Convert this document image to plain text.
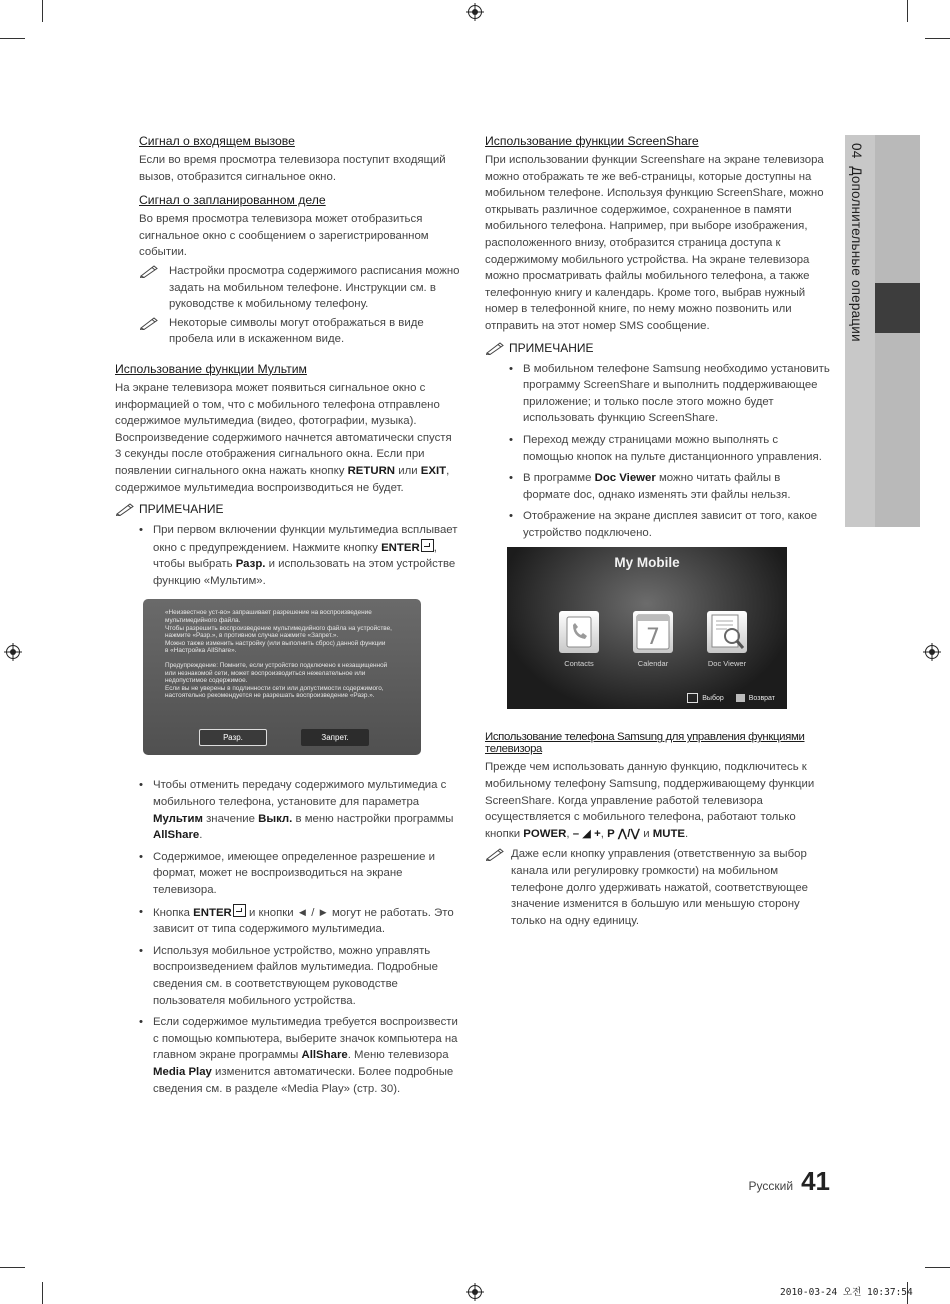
Сигнал о входящем вызове

Если во время просмотра телевизора поступит входящий вызов, отобразится сигнальное окно.

Сигнал о запланированном деле

Во время просмотра телевизора может отобразиться сигнальное окно с сообщением о зарегистрированном событии.

Настройки просмотра содержимого расписания можно задать на мобильном телефоне. Инструкции см. в руководстве к мобильному телефону.
Некоторые символы могут отображаться в виде пробела или в искаженном виде.
Использование функции Мультим

На экране телевизора может появиться сигнальное окно с информацией о том, что с мобильного телефона отправлено содержимое мультимедиа (видео, фотографии, музыка). Воспроизведение содержимого начнется автоматически спустя 3 секунды после отображения сигнального окна. Если при появлении сигнального окна нажать кнопку RETURN или EXIT, содержимое мультимедиа воспроизводиться не будет.

ПРИМЕЧАНИЕ
• При первом включении функции мультимедиа всплывает окно с предупреждением. Нажмите кнопку ENTER , чтобы выбрать Разр. и использовать на этом устройстве функцию «Мультим».

«Неизвестное уст-во» запрашивает разрешение на воспроизведение

мультимедийного файла.

Чтобы разрешить воспроизведение мультимедийного файла на устройстве,

нажмите «Разр.», в противном случае нажмите «Запрет.».

Можно также изменить настройку (или выполнить сброс) данной функции

в «Настройка AllShare».

Предупреждение: Помните, если устройство подключено к незащищенной

или незнакомой сети, может воспроизводиться нежелательное или

недопустимое содержимое.

Если вы не уверены в подлинности сети или допустимости содержимого,

настоятельно рекомендуется не разрешать воспроизведение «Разр.».

Разр.	Запрет.
• Чтобы отменить передачу содержимого мультимедиа с мобильного телефона, установите для параметра Мультим значение Выкл. в меню настройки программы AllShare.
• Содержимое, имеющее определенное разрешение и формат, может не воспроизводиться на экране телевизора.
• Кнопка ENTER и кнопки ◄ / ► могут не работать. Это зависит от типа содержимого мультимедиа.
• Используя мобильное устройство, можно управлять воспроизведением файлов мультимедиа. Подробные сведения см. в соответствующем руководстве пользователя мобильного устройства.
• Если содержимое мультимедиа требуется воспроизвести с помощью компьютера, выберите значок компьютера на главном экране программы AllShare. Меню телевизора Media Play изменится автоматически. Более подробные сведения см. в разделе «Media Play» (стр. 30).
Использование функции ScreenShare

При использовании функции Screenshare на экране телевизора можно отображать те же веб-страницы, которые доступны на мобильном телефоне. Используя функцию ScreenShare, можно открывать различное содержимое, сохраненное в памяти мобильного телефона. Например, при выборе изображения, расположенного внизу, отобразится страница доступа к содержимому мобильного устройства. На экране телевизора можно просматривать файлы мобильного телефона, а также телефонную книгу и календарь. Кроме того, выбрав нужный номер в телефонной книге, по нему можно позвонить или отправить на этот номер SMS сообщение.

ПРИМЕЧАНИЕ
• В мобильном телефоне Samsung необходимо установить программу ScreenShare и выполнить поддерживающее приложение; и только после этого можно будет использовать функцию ScreenShare.
• Переход между страницами можно выполнять с помощью кнопок на пульте дистанционного управления.
• В программе Doc Viewer можно читать файлы в формате doc, однако изменять эти файлы нельзя.
• Отображение на экране дисплея зависит от того, какое устройство подключено.
My Mobile
Contacts
7
Calendar	Doc Viewer
Выбор	Возврат
Использование телефона Samsung для управления функциями телевизора

Прежде чем использовать данную функцию, подключитесь к мобильному телефону Samsung, поддерживающему функции ScreenShare. Когда управление работой телевизора осуществляется с мобильного телефона, работают только кнопки POWER, – ◢ +, P ⋀/⋁ и MUTE.

Даже если кнопку управления (ответственную за выбор канала или регулировку громкости) на мобильном телефоне долго удерживать нажатой, соответствующее значение изменится в большую или меньшую сторону только на одну единицу.
04  Дополнительные операции
Русский 41
2010-03-24 오전 10:37:54
